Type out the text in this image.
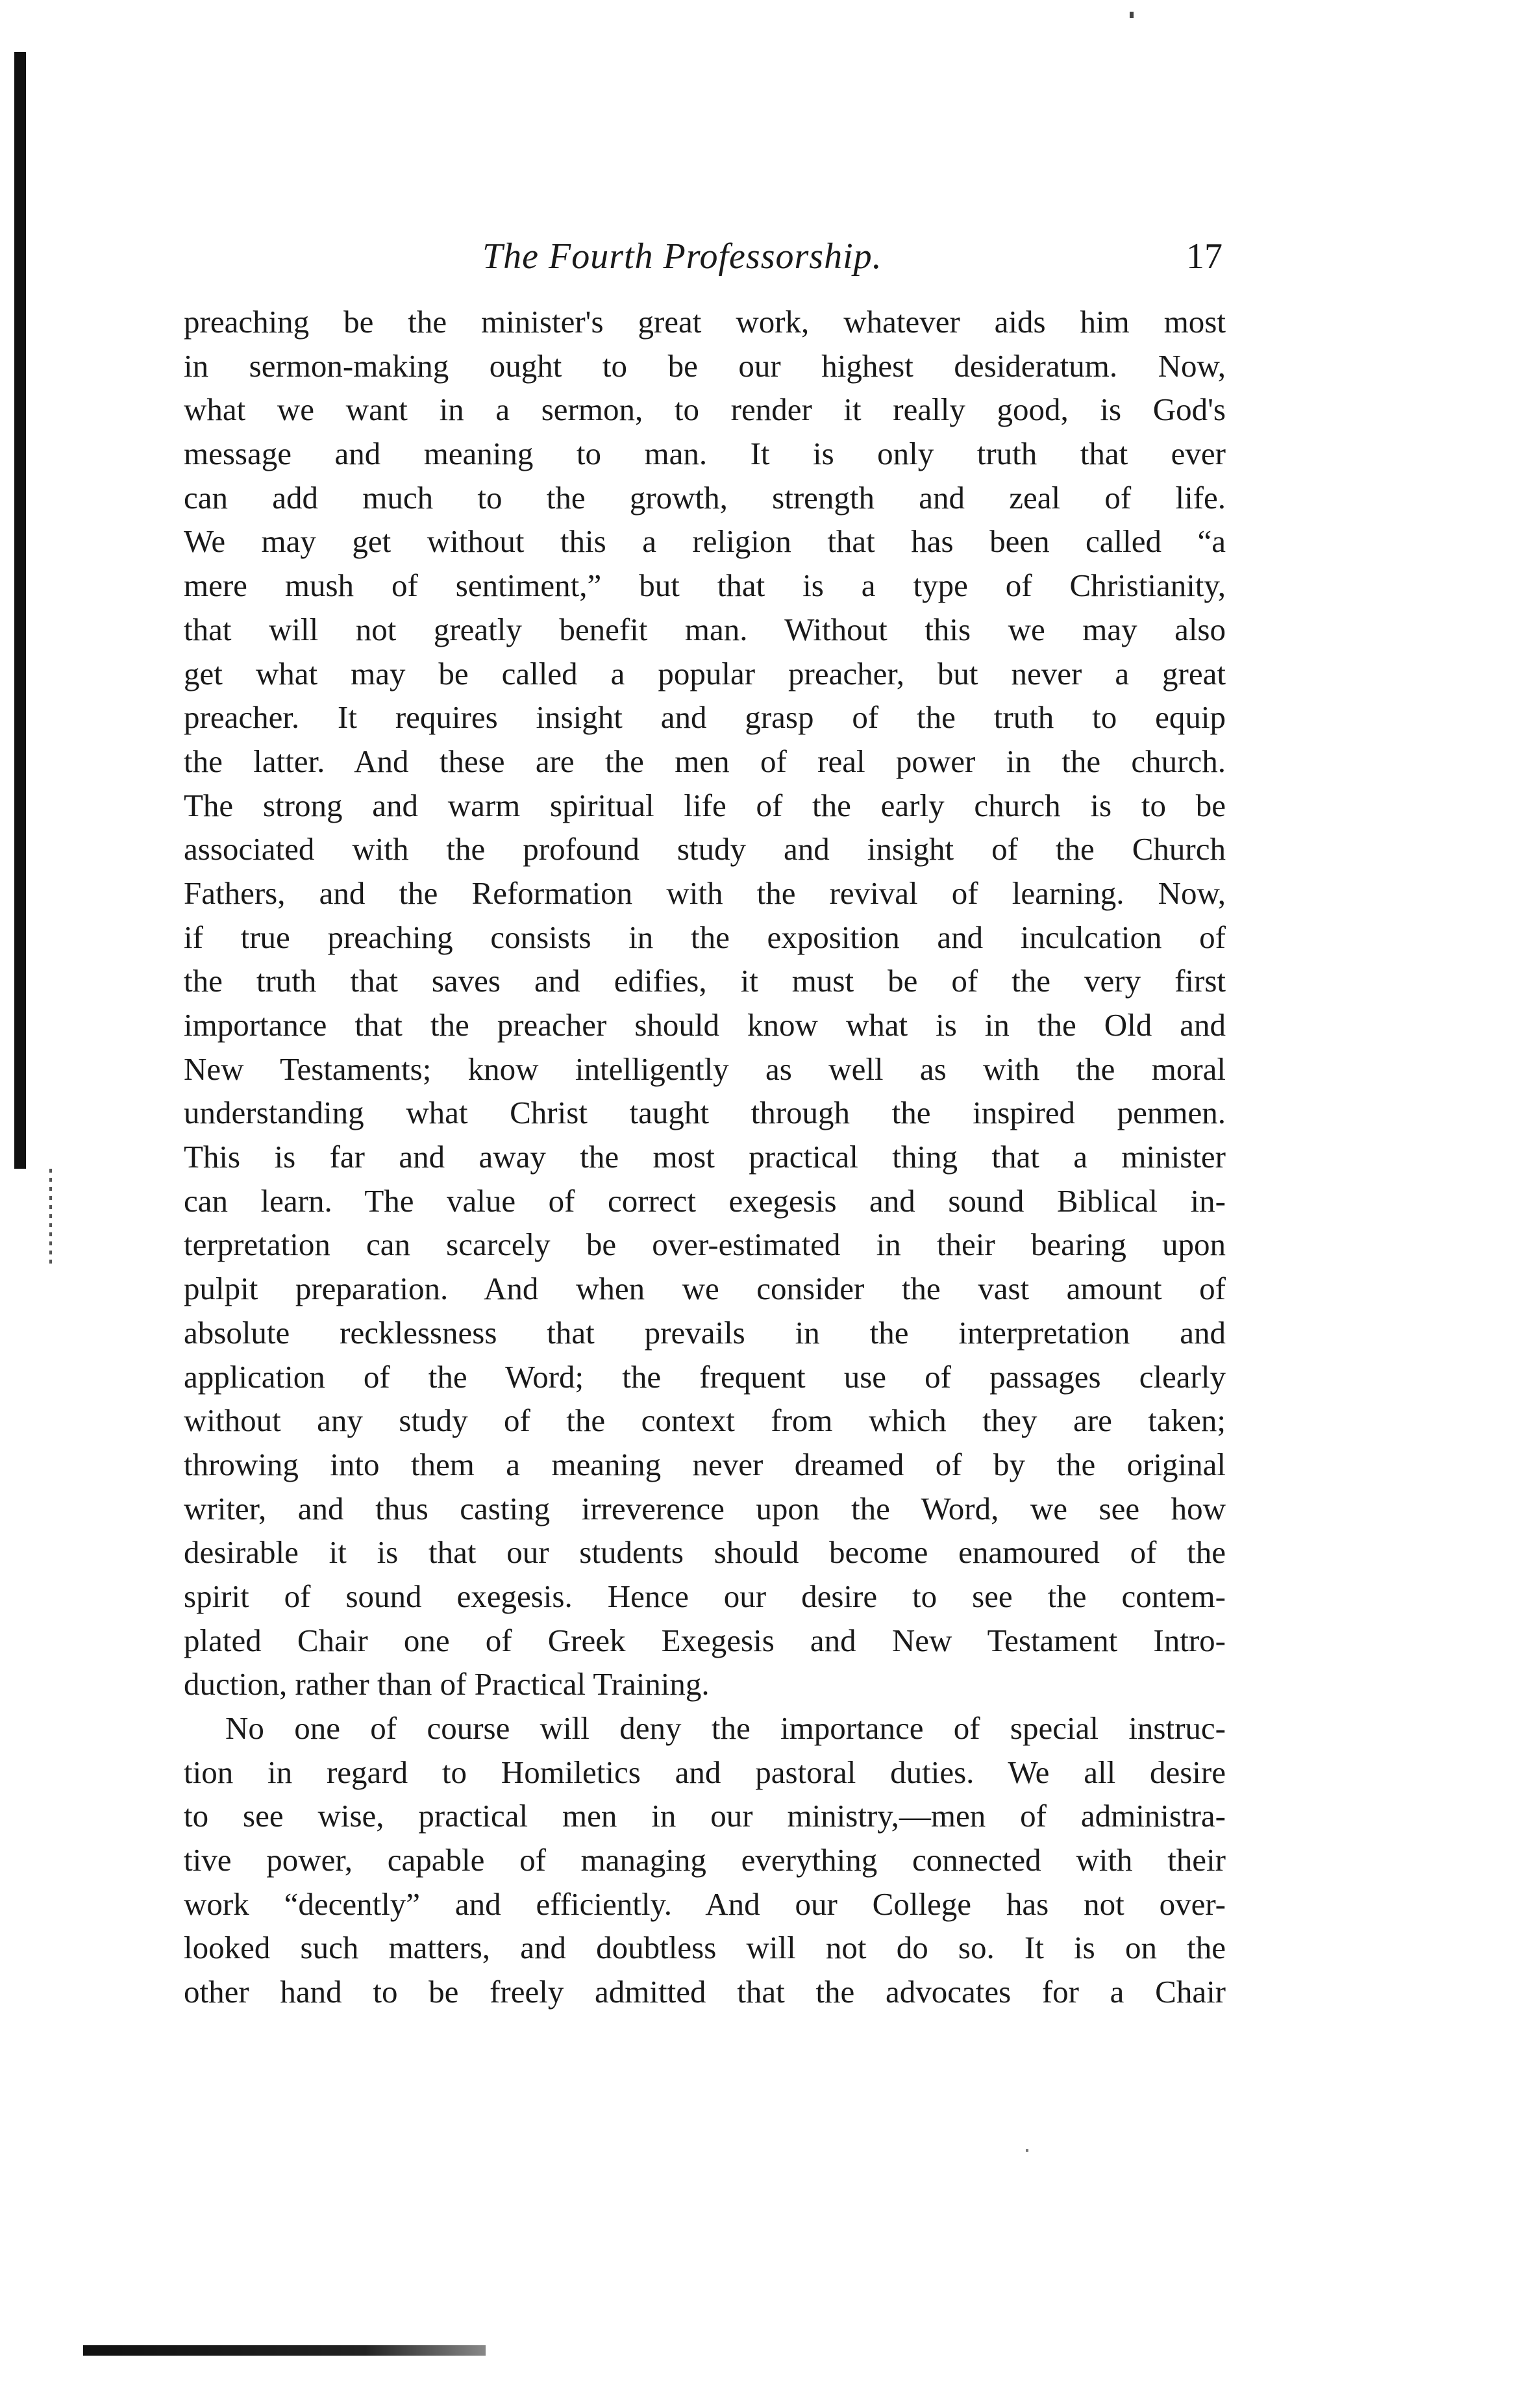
The Fourth Professorship.	17
preaching be the minister's great work, whatever aids him most
in sermon-making ought to be our highest desideratum. Now,
what we want in a sermon, to render it really good, is God's
message and meaning to man. It is only truth that ever
can add much to the growth, strength and zeal of life.
We may get without this a religion that has been called “a
mere mush of sentiment,” but that is a type of Christianity,
that will not greatly benefit man. Without this we may also
get what may be called a popular preacher, but never a great
preacher. It requires insight and grasp of the truth to equip
the latter. And these are the men of real power in the church.
The strong and warm spiritual life of the early church is to be
associated with the profound study and insight of the Church
Fathers, and the Reformation with the revival of learning. Now,
if true preaching consists in the exposition and inculcation of
the truth that saves and edifies, it must be of the very first
importance that the preacher should know what is in the Old and
New Testaments; know intelligently as well as with the moral
understanding what Christ taught through the inspired penmen.
This is far and away the most practical thing that a minister
can learn. The value of correct exegesis and sound Biblical in-
terpretation can scarcely be over-estimated in their bearing upon
pulpit preparation. And when we consider the vast amount of
absolute recklessness that prevails in the interpretation and
application of the Word; the frequent use of passages clearly
without any study of the context from which they are taken;
throwing into them a meaning never dreamed of by the original
writer, and thus casting irreverence upon the Word, we see how
desirable it is that our students should become enamoured of the
spirit of sound exegesis. Hence our desire to see the contem-
plated Chair one of Greek Exegesis and New Testament Intro-
duction, rather than of Practical Training.
No one of course will deny the importance of special instruc-
tion in regard to Homiletics and pastoral duties. We all desire
to see wise, practical men in our ministry,—men of administra-
tive power, capable of managing everything connected with their
work “decently” and efficiently. And our College has not over-
looked such matters, and doubtless will not do so. It is on the
other hand to be freely admitted that the advocates for a Chair
